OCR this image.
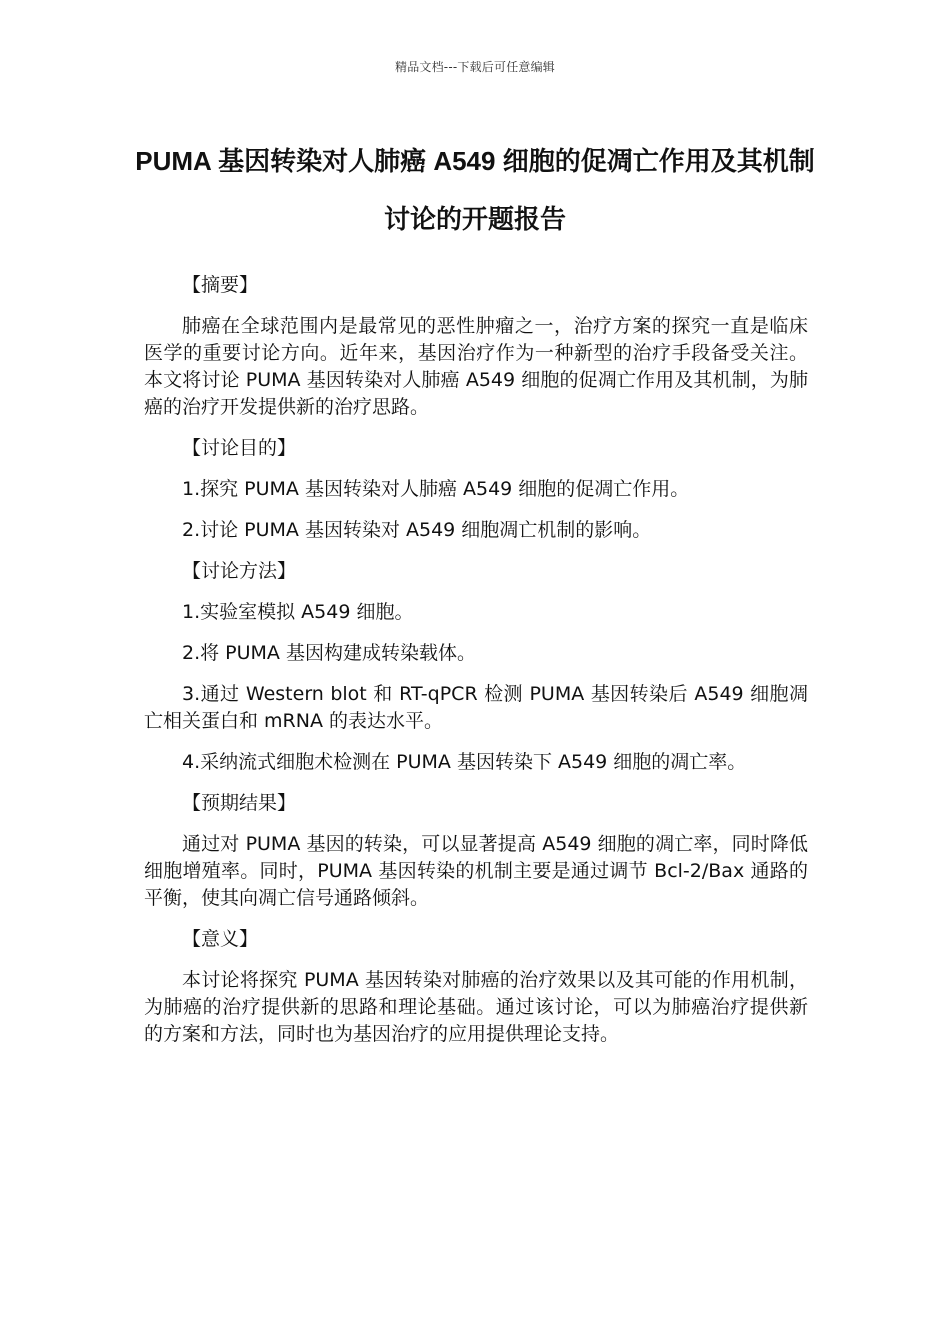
精品文档---下载后可任意编辑
PUMA 基因转染对人肺癌 A549 细胞的促凋亡作用及其机制讨论的开题报告

【摘要】

肺癌在全球范围内是最常见的恶性肿瘤之一，治疗方案的探究一直是临床医学的重要讨论方向。近年来，基因治疗作为一种新型的治疗手段备受关注。本文将讨论 PUMA 基因转染对人肺癌 A549 细胞的促凋亡作用及其机制，为肺癌的治疗开发提供新的治疗思路。

【讨论目的】

1.探究 PUMA 基因转染对人肺癌 A549 细胞的促凋亡作用。

2.讨论 PUMA 基因转染对 A549 细胞凋亡机制的影响。

【讨论方法】

1.实验室模拟 A549 细胞。

2.将 PUMA 基因构建成转染载体。

3.通过 Western blot 和 RT-qPCR 检测 PUMA 基因转染后 A549 细胞凋亡相关蛋白和 mRNA 的表达水平。

4.采纳流式细胞术检测在 PUMA 基因转染下 A549 细胞的凋亡率。

【预期结果】

通过对 PUMA 基因的转染，可以显著提高 A549 细胞的凋亡率，同时降低细胞增殖率。同时，PUMA 基因转染的机制主要是通过调节 Bcl-2/Bax 通路的平衡，使其向凋亡信号通路倾斜。

【意义】

本讨论将探究 PUMA 基因转染对肺癌的治疗效果以及其可能的作用机制，为肺癌的治疗提供新的思路和理论基础。通过该讨论，可以为肺癌治疗提供新的方案和方法，同时也为基因治疗的应用提供理论支持。
